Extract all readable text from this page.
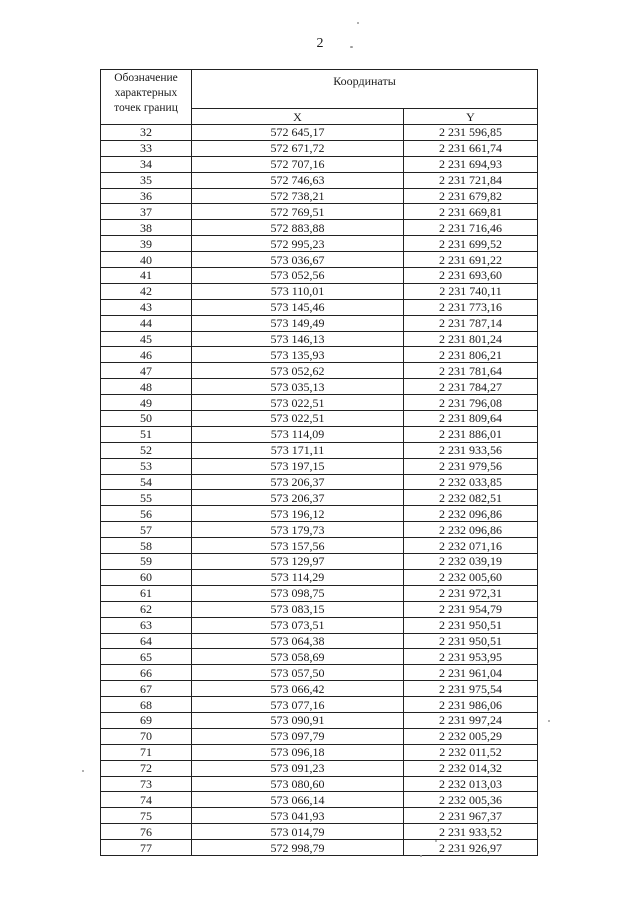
2
Обозначение характерных точек границ	Координаты	
	X	Y
32	572 645,17	2 231 596,85
33	572 671,72	2 231 661,74
34	572 707,16	2 231 694,93
35	572 746,63	2 231 721,84
36	572 738,21	2 231 679,82
37	572 769,51	2 231 669,81
38	572 883,88	2 231 716,46
39	572 995,23	2 231 699,52
40	573 036,67	2 231 691,22
41	573 052,56	2 231 693,60
42	573 110,01	2 231 740,11
43	573 145,46	2 231 773,16
44	573 149,49	2 231 787,14
45	573 146,13	2 231 801,24
46	573 135,93	2 231 806,21
47	573 052,62	2 231 781,64
48	573 035,13	2 231 784,27
49	573 022,51	2 231 796,08
50	573 022,51	2 231 809,64
51	573 114,09	2 231 886,01
52	573 171,11	2 231 933,56
53	573 197,15	2 231 979,56
54	573 206,37	2 232 033,85
55	573 206,37	2 232 082,51
56	573 196,12	2 232 096,86
57	573 179,73	2 232 096,86
58	573 157,56	2 232 071,16
59	573 129,97	2 232 039,19
60	573 114,29	2 232 005,60
61	573 098,75	2 231 972,31
62	573 083,15	2 231 954,79
63	573 073,51	2 231 950,51
64	573 064,38	2 231 950,51
65	573 058,69	2 231 953,95
66	573 057,50	2 231 961,04
67	573 066,42	2 231 975,54
68	573 077,16	2 231 986,06
69	573 090,91	2 231 997,24
70	573 097,79	2 232 005,29
71	573 096,18	2 232 011,52
72	573 091,23	2 232 014,32
73	573 080,60	2 232 013,03
74	573 066,14	2 232 005,36
75	573 041,93	2 231 967,37
76	573 014,79	2 231 933,52
77	572 998,79	2 231 926,97
